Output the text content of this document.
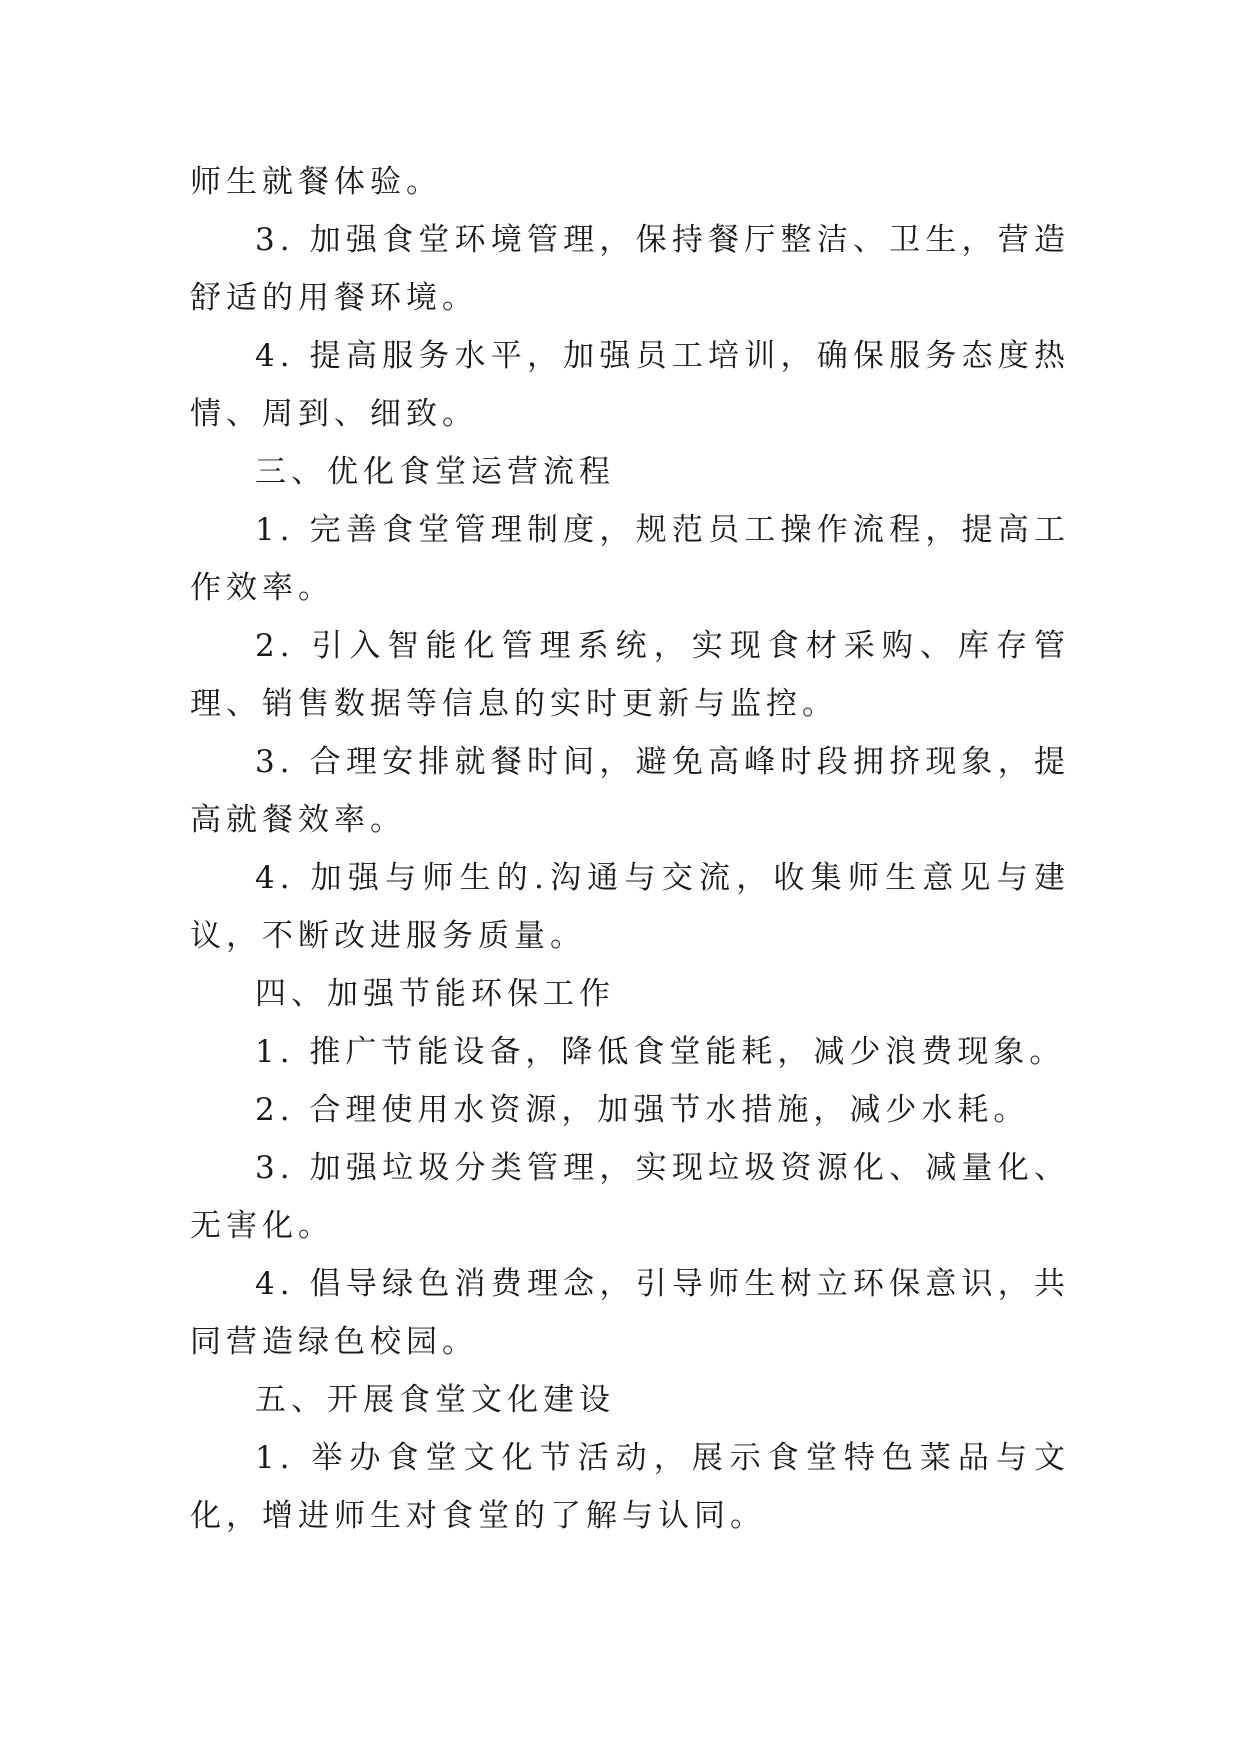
师生就餐体验。

3. 加强食堂环境管理，保持餐厅整洁、卫生，营造舒适的用餐环境。

4. 提高服务水平，加强员工培训，确保服务态度热情、周到、细致。

三、优化食堂运营流程

1. 完善食堂管理制度，规范员工操作流程，提高工作效率。

2. 引入智能化管理系统，实现食材采购、库存管理、销售数据等信息的实时更新与监控。

3. 合理安排就餐时间，避免高峰时段拥挤现象，提高就餐效率。

4. 加强与师生的.沟通与交流，收集师生意见与建议，不断改进服务质量。

四、加强节能环保工作

1. 推广节能设备，降低食堂能耗，减少浪费现象。

2. 合理使用水资源，加强节水措施，减少水耗。

3. 加强垃圾分类管理，实现垃圾资源化、减量化、无害化。

4. 倡导绿色消费理念，引导师生树立环保意识，共同营造绿色校园。

五、开展食堂文化建设

1. 举办食堂文化节活动，展示食堂特色菜品与文化，增进师生对食堂的了解与认同。
